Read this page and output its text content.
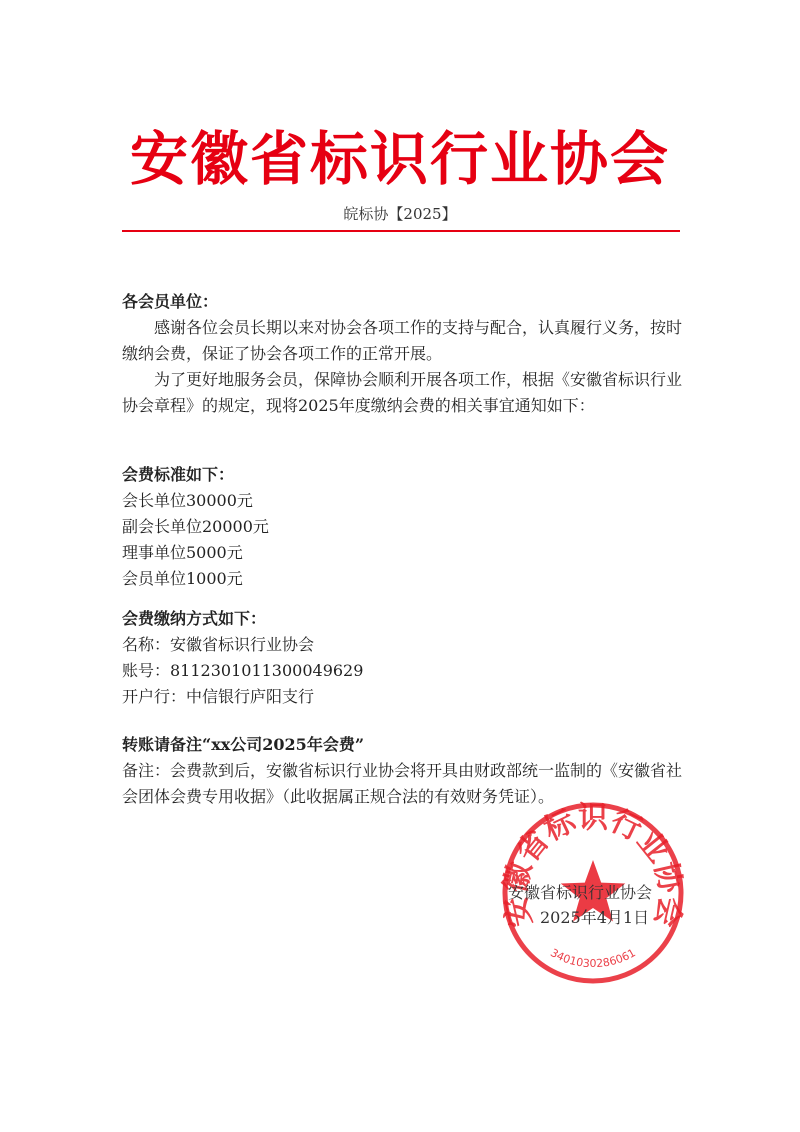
安徽省标识行业协会
皖标协【2025】

各会员单位：

感谢各位会员长期以来对协会各项工作的支持与配合，认真履行义务，按时缴纳会费，保证了协会各项工作的正常开展。

为了更好地服务会员，保障协会顺利开展各项工作，根据《安徽省标识行业协会章程》的规定，现将2025年度缴纳会费的相关事宜通知如下：

会费标准如下：

会长单位30000元

副会长单位20000元

理事单位5000元

会员单位1000元

会费缴纳方式如下：

名称：安徽省标识行业协会

账号：8112301011300049629

开户行：中信银行庐阳支行

转账请备注“xx公司2025年会费”

备注：会费款到后，安徽省标识行业协会将开具由财政部统一监制的《安徽省社会团体会费专用收据》（此收据属正规合法的有效财务凭证）。

安徽省标识行业协会
3401030286061
安徽省标识行业协会
2025年4月1日
